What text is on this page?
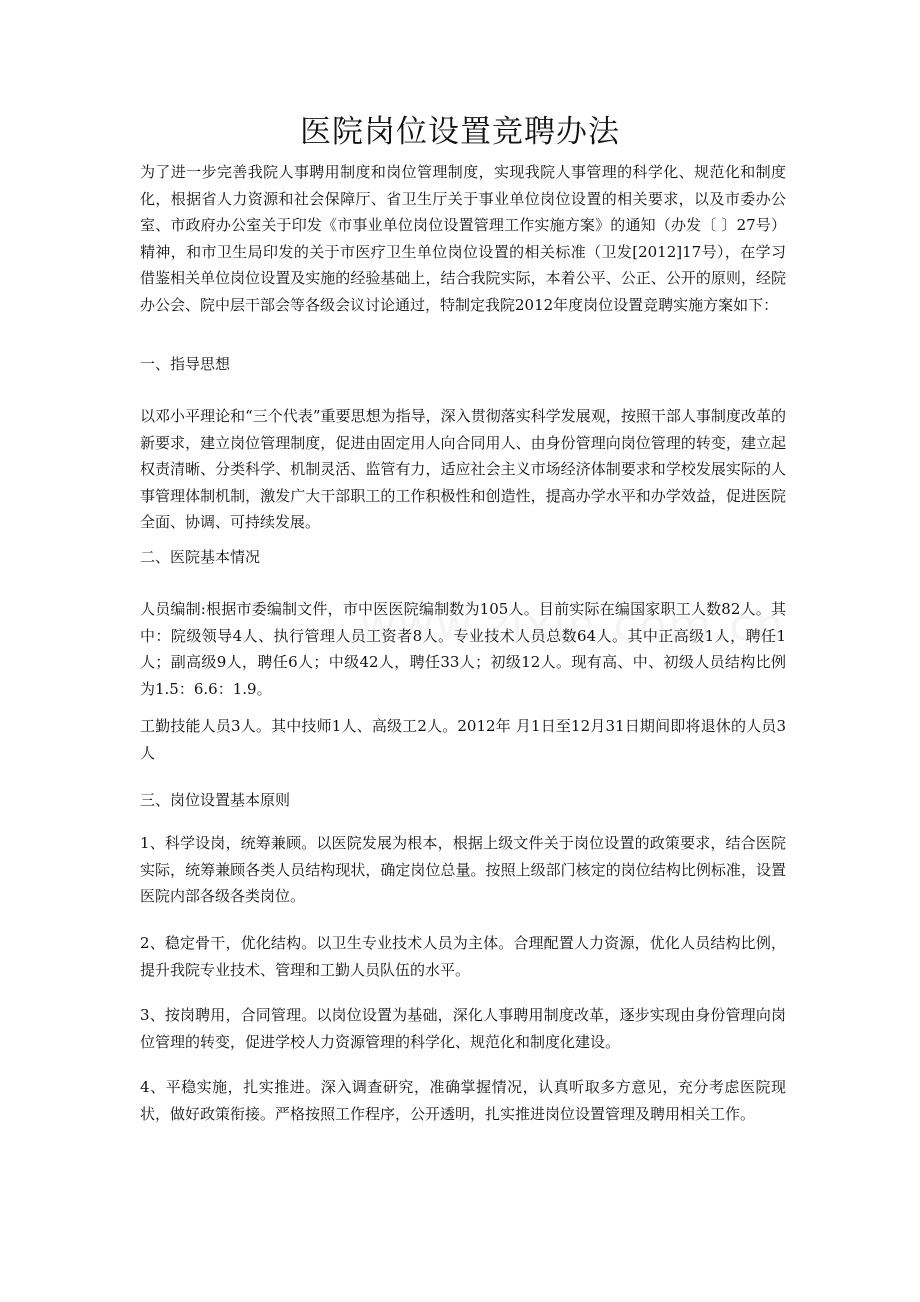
医院岗位设置竞聘办法
为了进一步完善我院人事聘用制度和岗位管理制度，实现我院人事管理的科学化、规范化和制度化，根据省人力资源和社会保障厅、省卫生厅关于事业单位岗位设置的相关要求，以及市委办公室、市政府办公室关于印发《市事业单位岗位设置管理工作实施方案》的通知（办发〔 〕27号）精神，和市卫生局印发的关于市医疗卫生单位岗位设置的相关标准（卫发[2012]17号），在学习借鉴相关单位岗位设置及实施的经验基础上，结合我院实际，本着公平、公正、公开的原则，经院办公会、院中层干部会等各级会议讨论通过，特制定我院2012年度岗位设置竞聘实施方案如下：
一、指导思想
以邓小平理论和“三个代表”重要思想为指导，深入贯彻落实科学发展观，按照干部人事制度改革的新要求，建立岗位管理制度，促进由固定用人向合同用人、由身份管理向岗位管理的转变，建立起权责清晰、分类科学、机制灵活、监管有力，适应社会主义市场经济体制要求和学校发展实际的人事管理体制机制，激发广大干部职工的工作积极性和创造性，提高办学水平和办学效益，促进医院全面、协调、可持续发展。
二、医院基本情况
人员编制:根据市委编制文件，市中医医院编制数为105人。目前实际在编国家职工人数82人。其中：院级领导4人、执行管理人员工资者8人。专业技术人员总数64人。其中正高级1人，聘任1人；副高级9人，聘任6人；中级42人，聘任33人；初级12人。现有高、中、初级人员结构比例为1.5：6.6：1.9。
工勤技能人员3人。其中技师1人、高级工2人。2012年 月1日至12月31日期间即将退休的人员3人
三、岗位设置基本原则
1、科学设岗，统筹兼顾。以医院发展为根本，根据上级文件关于岗位设置的政策要求，结合医院实际，统筹兼顾各类人员结构现状，确定岗位总量。按照上级部门核定的岗位结构比例标准，设置医院内部各级各类岗位。
2、稳定骨干，优化结构。以卫生专业技术人员为主体。合理配置人力资源，优化人员结构比例，提升我院专业技术、管理和工勤人员队伍的水平。
3、按岗聘用，合同管理。以岗位设置为基础，深化人事聘用制度改革，逐步实现由身份管理向岗位管理的转变，促进学校人力资源管理的科学化、规范化和制度化建设。
4、平稳实施，扎实推进。深入调查研究，准确掌握情况，认真听取多方意见，充分考虑医院现状，做好政策衔接。严格按照工作程序，公开透明，扎实推进岗位设置管理及聘用相关工作。
